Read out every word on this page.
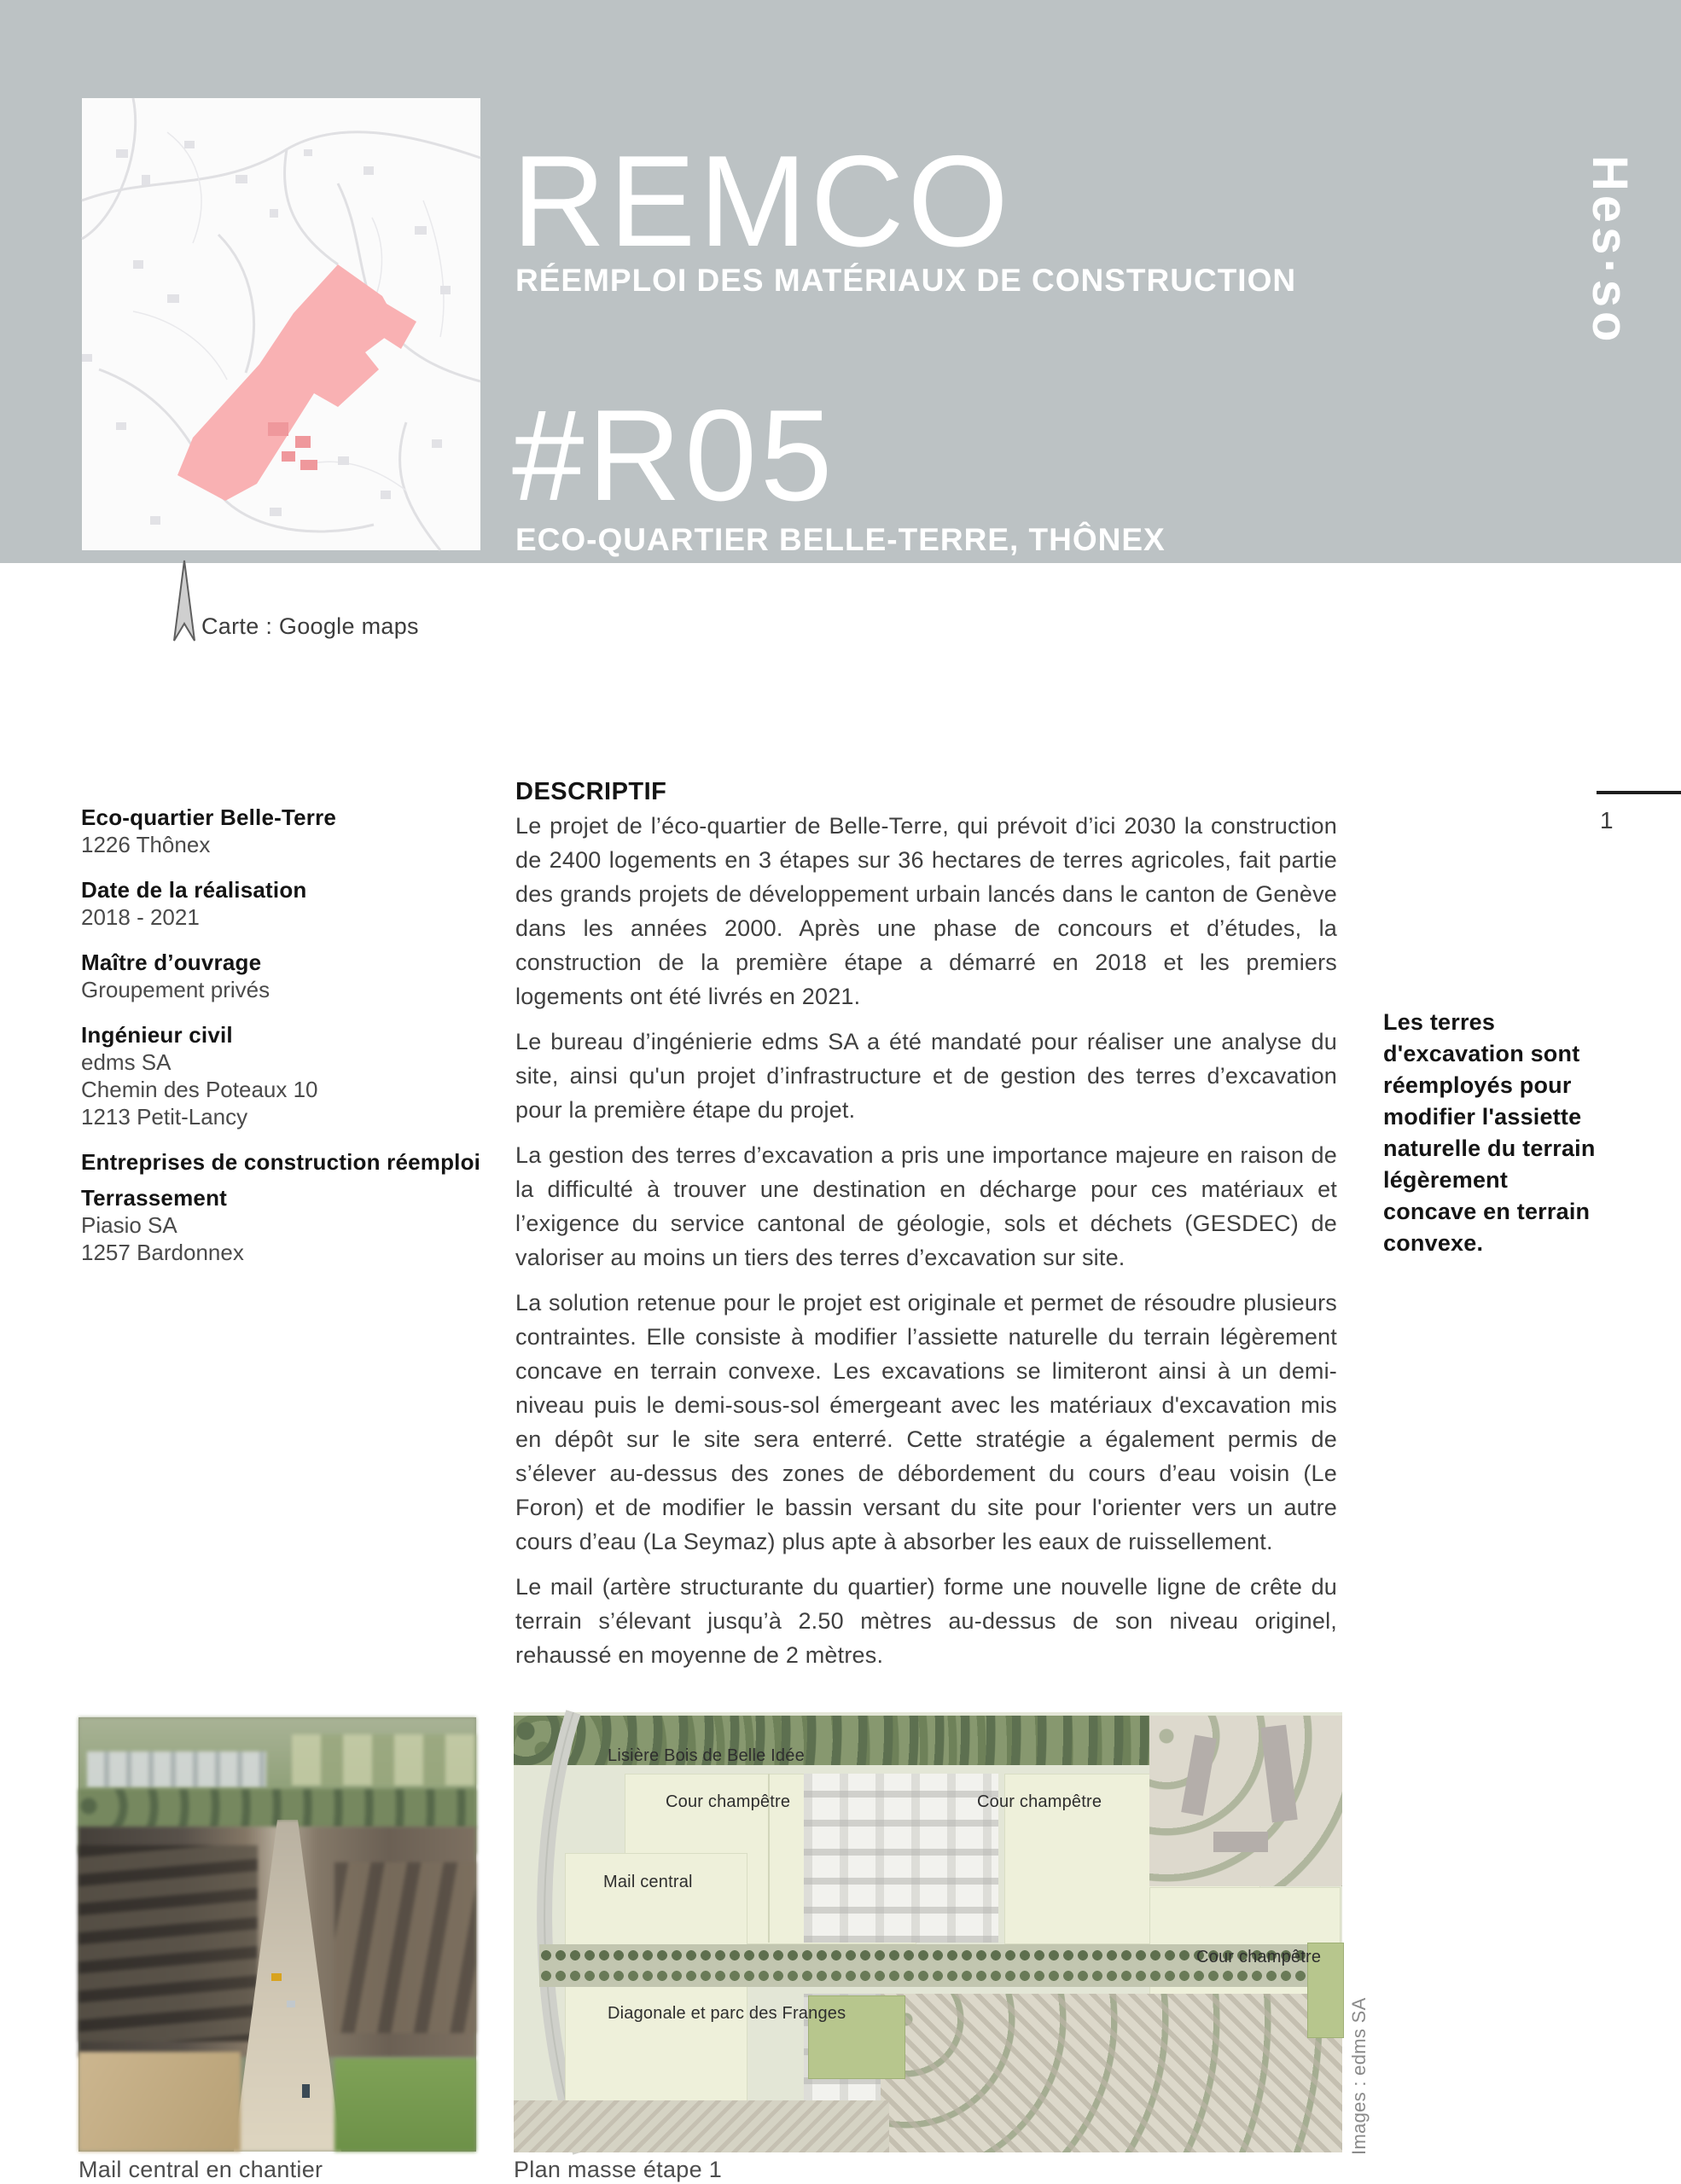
Carte : Google maps
REMCO
RÉEMPLOI DES MATÉRIAUX DE CONSTRUCTION
#R05
ECO-QUARTIER BELLE-TERRE, THÔNEX
Hes·so
Eco-quartier Belle-Terre
1226 Thônex
Date de la réalisation
2018 - 2021
Maître d’ouvrage
Groupement privés
Ingénieur civil
edms SA
Chemin des Poteaux 10
1213 Petit-Lancy
Entreprises de construction réemploi
Terrassement
Piasio SA
1257 Bardonnex
DESCRIPTIF

Le projet de l’éco-quartier de Belle-Terre, qui prévoit d’ici 2030 la construction de 2400 logements en 3 étapes sur 36 hectares de terres agricoles, fait partie des grands projets de développement urbain lancés dans le canton de Genève dans les années 2000. Après une phase de concours et d’études, la construction de la première étape a démarré en 2018 et les premiers logements ont été livrés en 2021.

Le bureau d’ingénierie edms SA a été mandaté pour réaliser une analyse du site, ainsi qu'un projet d’infrastructure et de gestion des terres d’excavation pour la première étape du projet.

La gestion des terres d’excavation a pris une importance majeure en raison de la difficulté à trouver une destination en décharge pour ces matériaux et l’exigence du service cantonal de géologie, sols et déchets (GESDEC) de valoriser au moins un tiers des terres d’excavation sur site.

La solution retenue pour le projet est originale et permet de résoudre plusieurs contraintes. Elle consiste à modifier l’assiette naturelle du terrain légèrement concave en terrain convexe. Les excavations se limiteront ainsi à un demi-niveau puis le demi-sous-sol émergeant avec les matériaux d'excavation mis en dépôt sur le site sera enterré. Cette stratégie a également permis de s’élever au-dessus des zones de débordement du cours d’eau voisin (Le Foron) et de modifier le bassin versant du site pour l'orienter vers un autre cours d’eau (La Seymaz) plus apte à absorber les eaux de ruissellement.

Le mail (artère structurante du quartier) forme une nouvelle ligne de crête du terrain s’élevant jusqu’à 2.50 mètres au-dessus de son niveau originel, rehaussé en moyenne de 2 mètres.

1
Les terres d'excavation sont réemployés pour modifier l'assiette naturelle du terrain légèrement concave en terrain convexe.
Mail central en chantier
Lisière Bois de Belle Idée
Cour champêtre	Cour champêtre
Mail central
Diagonale et parc des Franges
Cour champêtre
Plan masse étape 1
Images : edms SA
